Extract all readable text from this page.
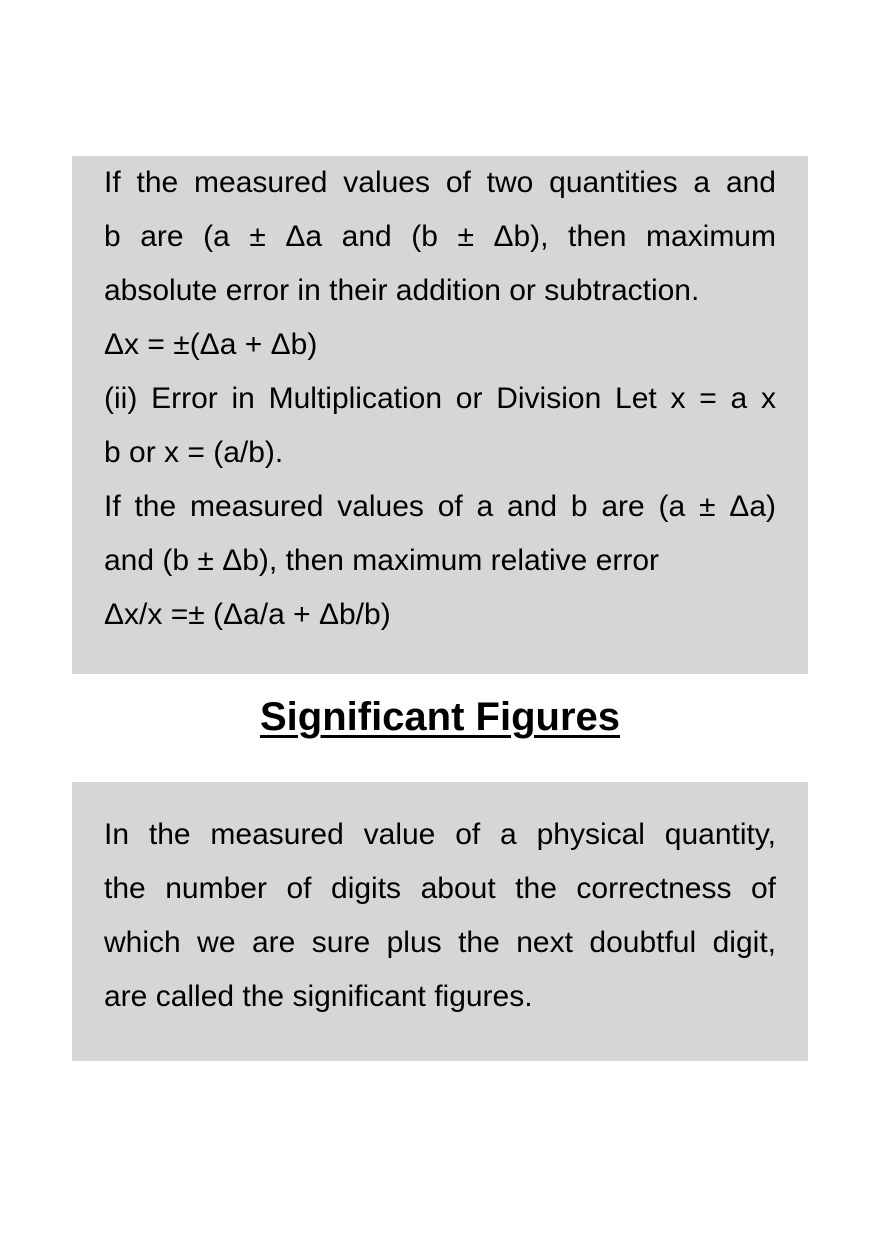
If the measured values of two quantities a and
b are (a ± Δa and (b ± Δb), then maximum
absolute error in their addition or subtraction.
Δx = ±(Δa + Δb)
(ii) Error in Multiplication or Division Let x = a x
b or x = (a/b).
If the measured values of a and b are (a ± Δa)
and (b ± Δb), then maximum relative error
Δx/x =± (Δa/a + Δb/b)
Significant Figures
In the measured value of a physical quantity,
the number of digits about the correctness of
which we are sure plus the next doubtful digit,
are called the significant figures.
